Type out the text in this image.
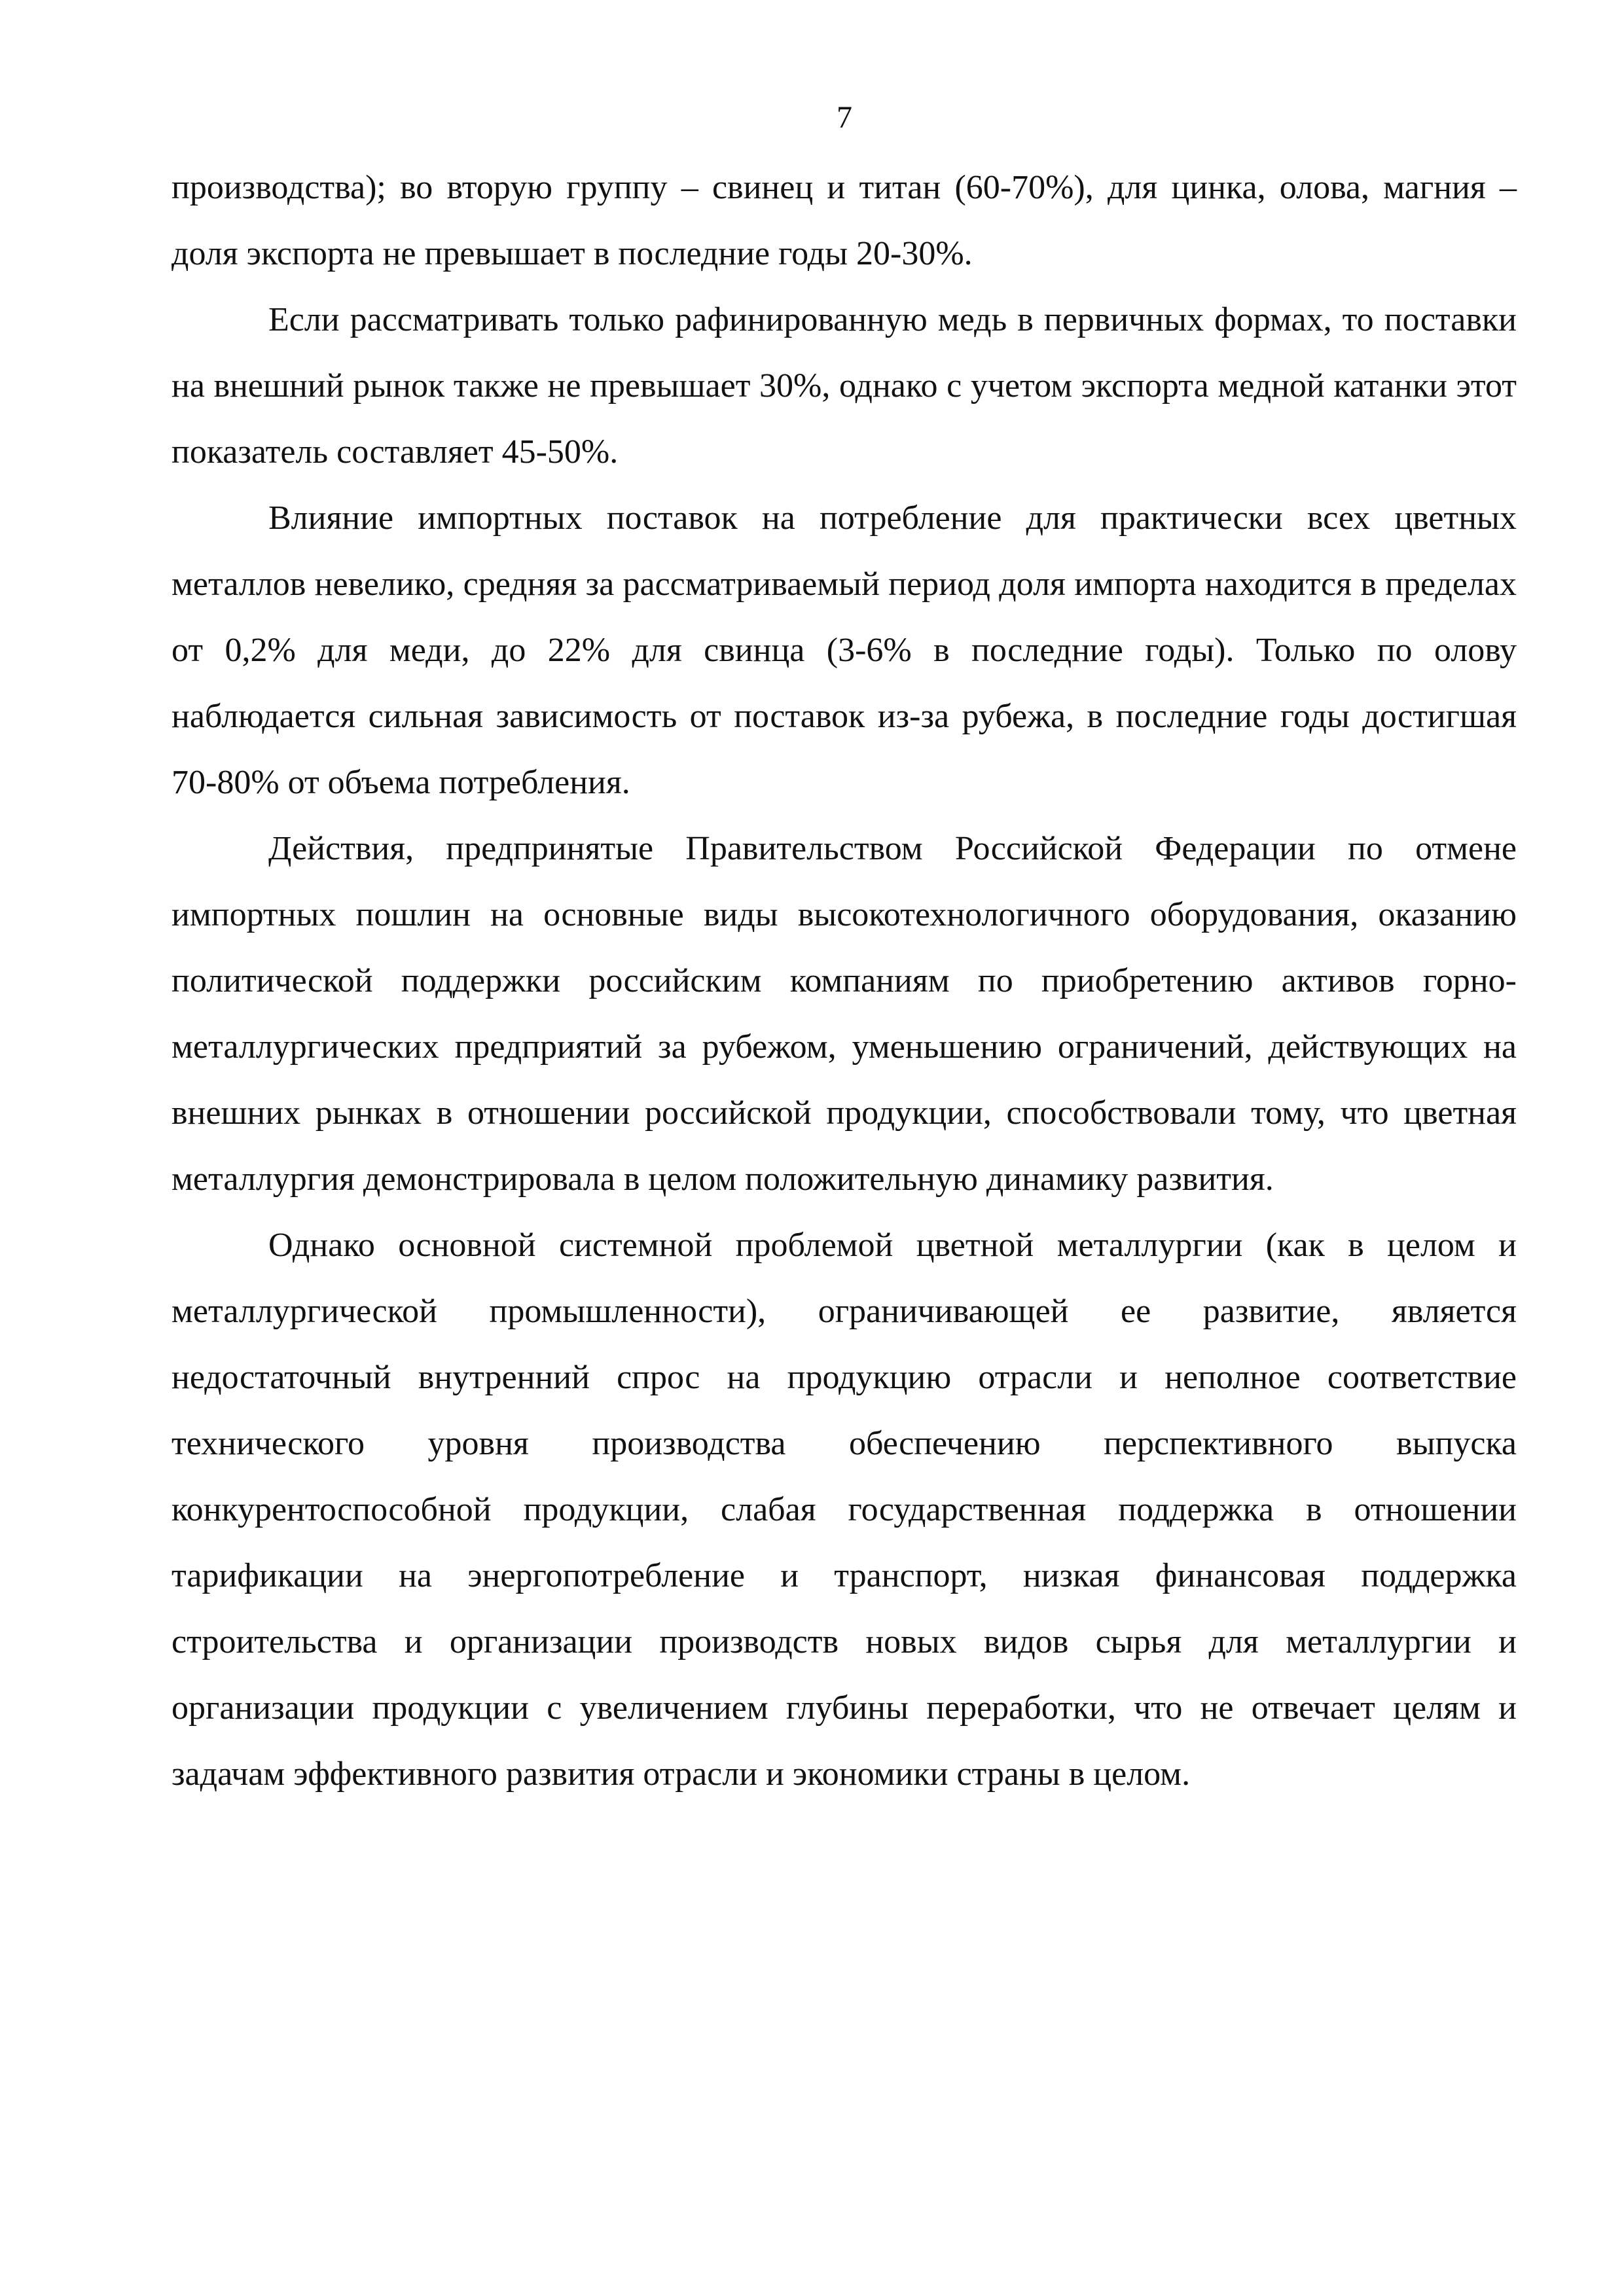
7

производства); во вторую группу – свинец и титан (60-70%), для цинка, олова, магния – доля экспорта не превышает в последние годы 20-30%.

Если рассматривать только рафинированную медь в первичных формах, то поставки на внешний рынок также не превышает 30%, однако с учетом экспорта медной катанки этот показатель составляет 45-50%.

Влияние импортных поставок на потребление для практически всех цветных металлов невелико, средняя за рассматриваемый период доля импорта находится в пределах от 0,2% для меди, до 22% для свинца (3-6% в последние годы). Только по олову наблюдается сильная зависимость от поставок из-за рубежа, в последние годы достигшая 70-80% от объема потребления.

Действия, предпринятые Правительством Российской Федерации по отмене импортных пошлин на основные виды высокотехнологичного оборудования, оказанию политической поддержки российским компаниям по приобретению активов горно-металлургических предприятий за рубежом, уменьшению ограничений, действующих на внешних рынках в отношении российской продукции, способствовали тому, что цветная металлургия демонстрировала в целом положительную динамику развития.

Однако основной системной проблемой цветной металлургии (как в целом и металлургической промышленности), ограничивающей ее развитие, является недостаточный внутренний спрос на продукцию отрасли и неполное соответствие технического уровня производства обеспечению перспективного выпуска конкурентоспособной продукции, слабая государственная поддержка в отношении тарификации на энергопотребление и транспорт, низкая финансовая поддержка строительства и организации производств новых видов сырья для металлургии и организации продукции с увеличением глубины переработки, что не отвечает целям и задачам эффективного развития отрасли и экономики страны в целом.
